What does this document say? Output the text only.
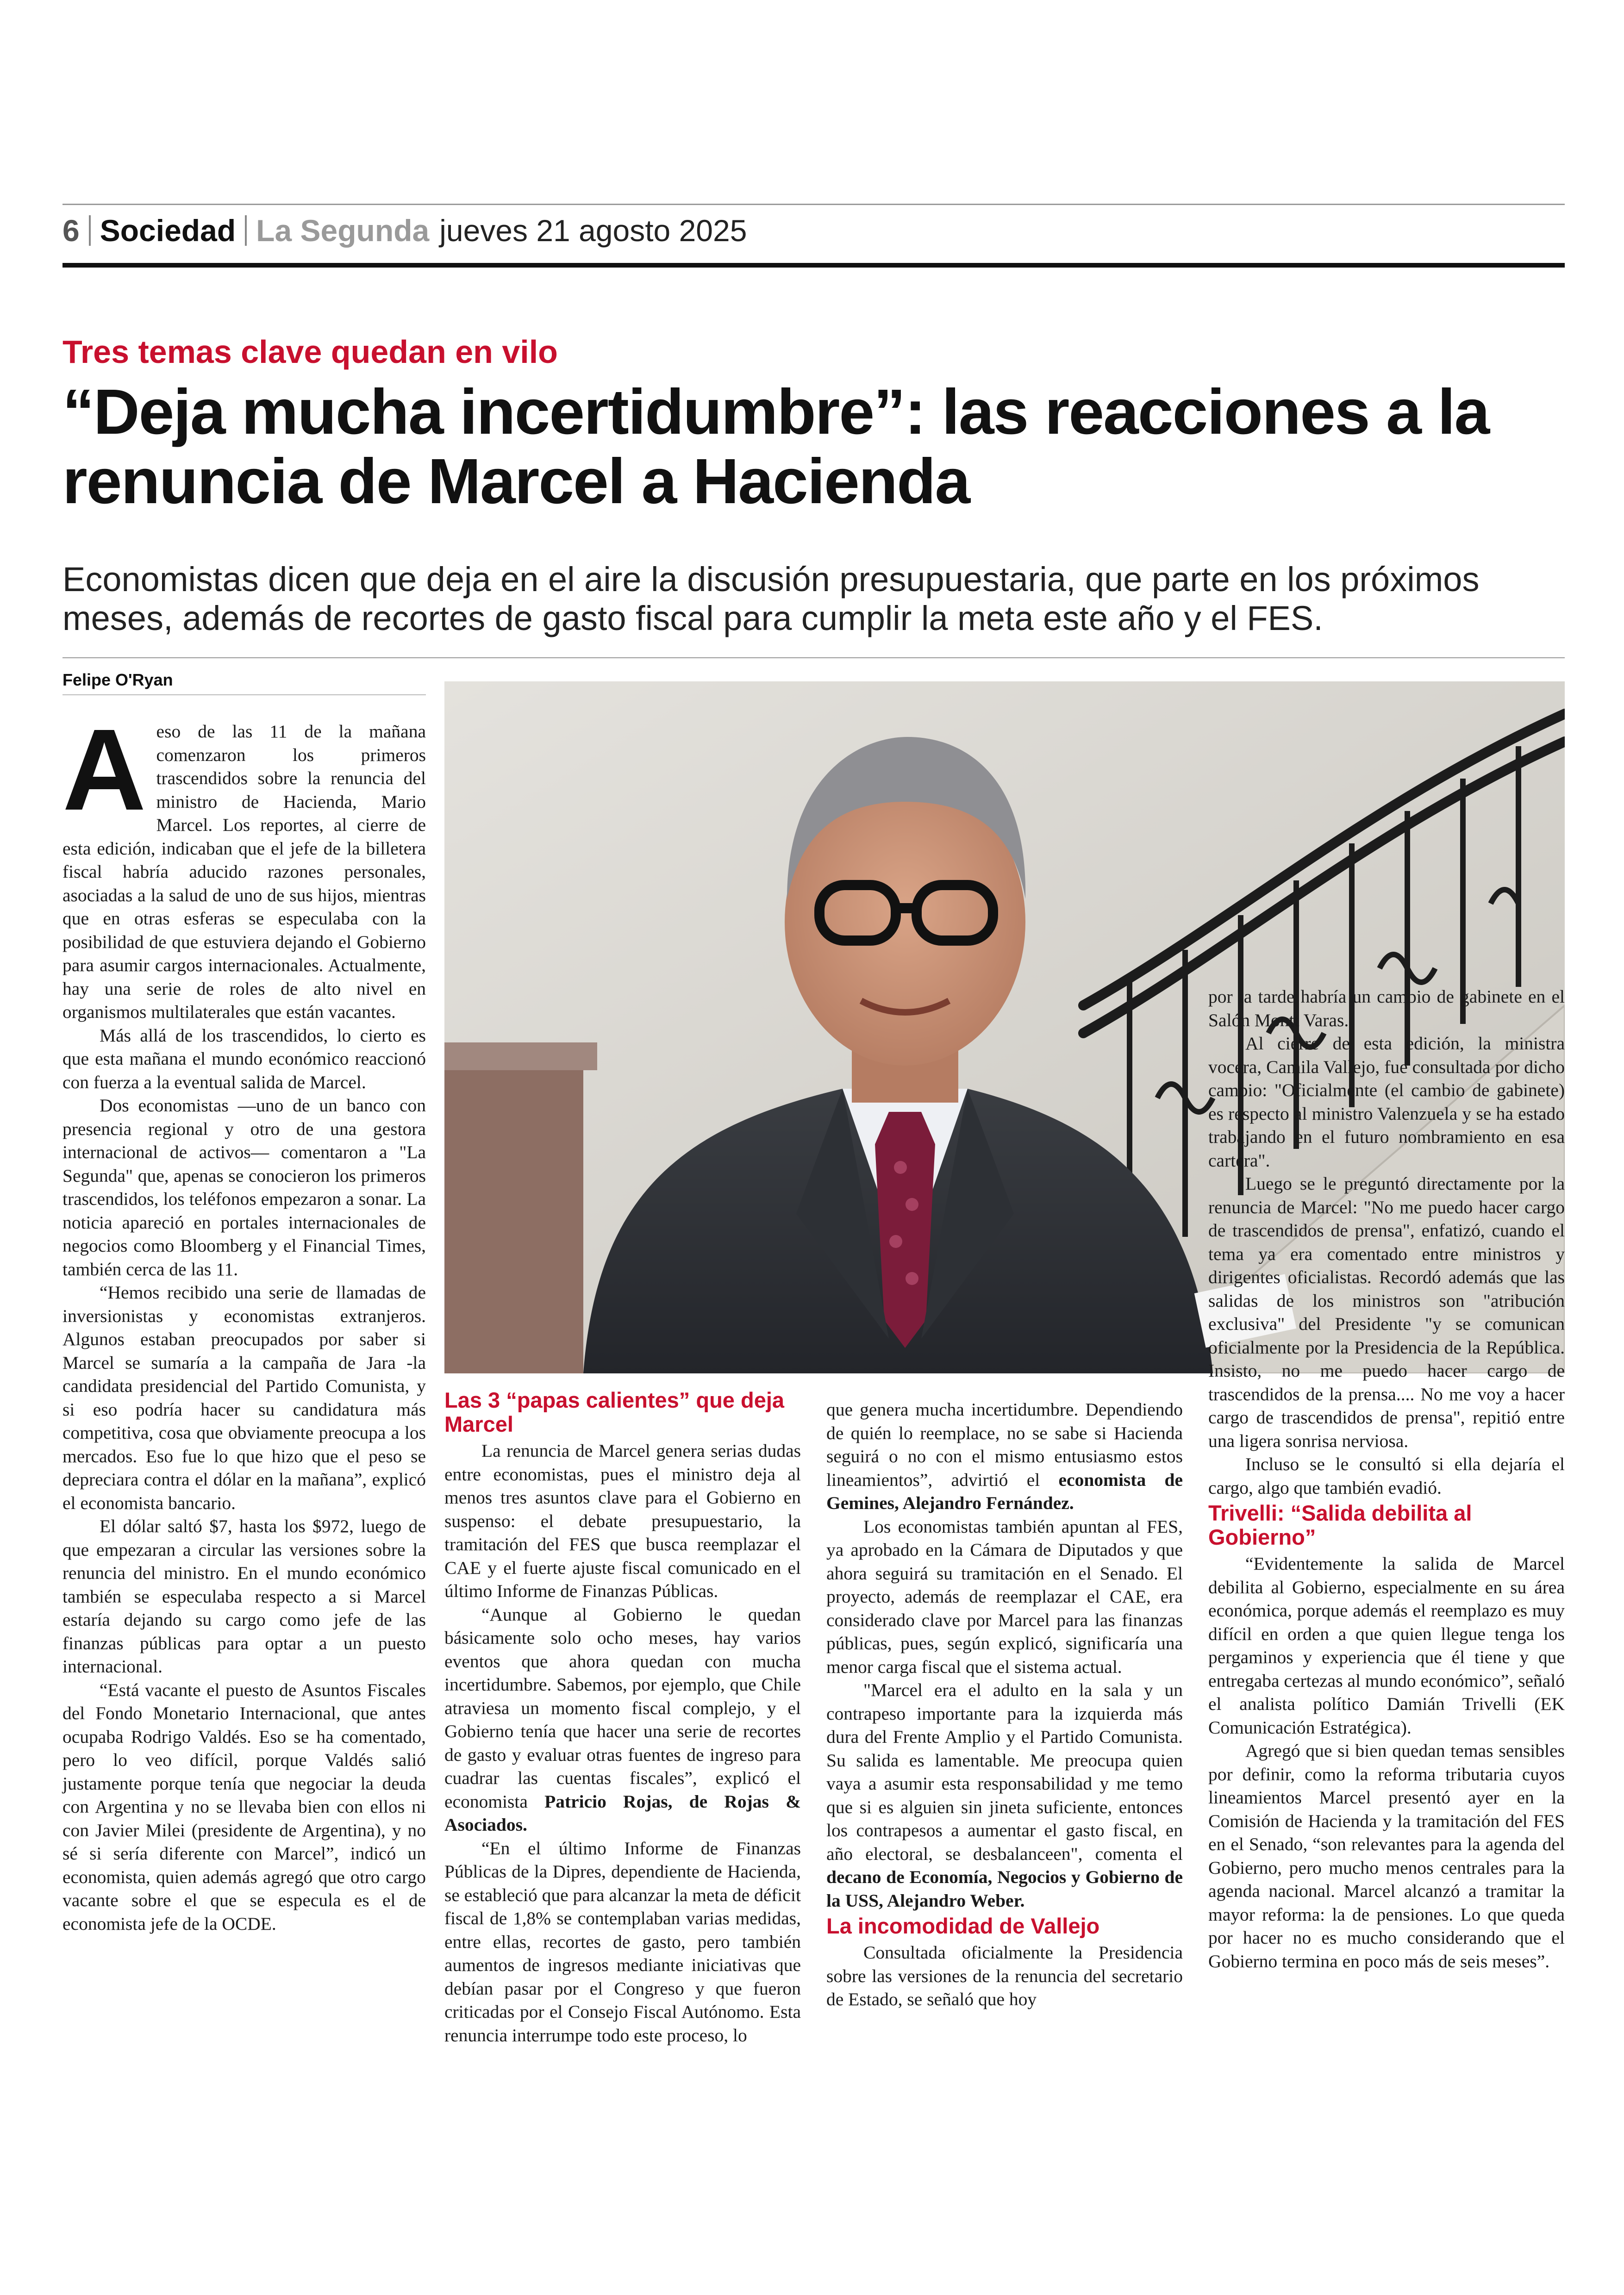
6 Sociedad La Segunda jueves 21 agosto 2025
Tres temas clave quedan en vilo
“Deja mucha incertidumbre”: las reacciones a la renuncia de Marcel a Hacienda

Economistas dicen que deja en el aire la discusión presupuestaria, que parte en los próximos meses, además de recortes de gasto fiscal para cumplir la meta este año y el FES.

Felipe O'Ryan

Aeso de las 11 de la mañana comenzaron los primeros trascendidos sobre la renuncia del ministro de Hacienda, Mario Marcel. Los reportes, al cierre de esta edición, indicaban que el jefe de la billetera fiscal habría aducido razones personales, asociadas a la salud de uno de sus hijos, mientras que en otras esferas se especulaba con la posibilidad de que estuviera dejando el Gobierno para asumir cargos internacionales. Actualmente, hay una serie de roles de alto nivel en organismos multilaterales que están vacantes.

Más allá de los trascendidos, lo cierto es que esta mañana el mundo económico reaccionó con fuerza a la eventual salida de Marcel.

Dos economistas —uno de un banco con presencia regional y otro de una gestora internacional de activos— comentaron a "La Segunda" que, apenas se conocieron los primeros trascendidos, los teléfonos empezaron a sonar. La noticia apareció en portales internacionales de negocios como Bloomberg y el Financial Times, también cerca de las 11.

“Hemos recibido una serie de llamadas de inversionistas y economistas extranjeros. Algunos estaban preocupados por saber si Marcel se sumaría a la campaña de Jara -la candidata presidencial del Partido Comunista, y si eso podría hacer su candidatura más competitiva, cosa que obviamente preocupa a los mercados. Eso fue lo que hizo que el peso se depreciara contra el dólar en la mañana”, explicó el economista bancario.

El dólar saltó $7, hasta los $972, luego de que empezaran a circular las versiones sobre la renuncia del ministro. En el mundo económico también se especulaba respecto a si Marcel estaría dejando su cargo como jefe de las finanzas públicas para optar a un puesto internacional.

“Está vacante el puesto de Asuntos Fiscales del Fondo Monetario Internacional, que antes ocupaba Rodrigo Valdés. Eso se ha comentado, pero lo veo difícil, porque Valdés salió justamente porque tenía que negociar la deuda con Argentina y no se llevaba bien con ellos ni con Javier Milei (presidente de Argentina), y no sé si sería diferente con Marcel”, indicó un economista, quien además agregó que otro cargo vacante sobre el que se especula es el de economista jefe de la OCDE.

Las 3 “papas calientes” que deja Marcel

La renuncia de Marcel genera serias dudas entre economistas, pues el ministro deja al menos tres asuntos clave para el Gobierno en suspenso: el debate presupuestario, la tramitación del FES que busca reemplazar el CAE y el fuerte ajuste fiscal comunicado en el último Informe de Finanzas Públicas.

“Aunque al Gobierno le quedan básicamente solo ocho meses, hay varios eventos que ahora quedan con mucha incertidumbre. Sabemos, por ejemplo, que Chile atraviesa un momento fiscal complejo, y el Gobierno tenía que hacer una serie de recortes de gasto y evaluar otras fuentes de ingreso para cuadrar las cuentas fiscales”, explicó el economista Patricio Rojas, de Rojas & Asociados.

“En el último Informe de Finanzas Públicas de la Dipres, dependiente de Hacienda, se estableció que para alcanzar la meta de déficit fiscal de 1,8% se contemplaban varias medidas, entre ellas, recortes de gasto, pero también aumentos de ingresos mediante iniciativas que debían pasar por el Congreso y que fueron criticadas por el Consejo Fiscal Autónomo. Esta renuncia interrumpe todo este proceso, lo

que genera mucha incertidumbre. Dependiendo de quién lo reemplace, no se sabe si Hacienda seguirá o no con el mismo entusiasmo estos lineamientos”, advirtió el economista de Gemines, Alejandro Fernández.

Los economistas también apuntan al FES, ya aprobado en la Cámara de Diputados y que ahora seguirá su tramitación en el Senado. El proyecto, además de reemplazar el CAE, era considerado clave por Marcel para las finanzas públicas, pues, según explicó, significaría una menor carga fiscal que el sistema actual.

"Marcel era el adulto en la sala y un contrapeso importante para la izquierda más dura del Frente Amplio y el Partido Comunista. Su salida es lamentable. Me preocupa quien vaya a asumir esta responsabilidad y me temo que si es alguien sin jineta suficiente, entonces los contrapesos a aumentar el gasto fiscal, en año electoral, se desbalanceen", comenta el decano de Economía, Negocios y Gobierno de la USS, Alejandro Weber.

La incomodidad de Vallejo

Consultada oficialmente la Presidencia sobre las versiones de la renuncia del secretario de Estado, se señaló que hoy

por la tarde habría un cambio de gabinete en el Salón Montt Varas.

Al cierre de esta edición, la ministra vocera, Camila Vallejo, fue consultada por dicho cambio: "Oficialmente (el cambio de gabinete) es respecto al ministro Valenzuela y se ha estado trabajando en el futuro nombramiento en esa cartera".

Luego se le preguntó directamente por la renuncia de Marcel: "No me puedo hacer cargo de trascendidos de prensa", enfatizó, cuando el tema ya era comentado entre ministros y dirigentes oficialistas. Recordó además que las salidas de los ministros son "atribución exclusiva" del Presidente "y se comunican oficialmente por la Presidencia de la República. Insisto, no me puedo hacer cargo de trascendidos de la prensa.... No me voy a hacer cargo de trascendidos de prensa", repitió entre una ligera sonrisa nerviosa.

Incluso se le consultó si ella dejaría el cargo, algo que también evadió.

Trivelli: “Salida debilita al Gobierno”

“Evidentemente la salida de Marcel debilita al Gobierno, especialmente en su área económica, porque además el reemplazo es muy difícil en orden a que quien llegue tenga los pergaminos y experiencia que él tiene y que entregaba certezas al mundo económico”, señaló el analista político Damián Trivelli (EK Comunicación Estratégica).

Agregó que si bien quedan temas sensibles por definir, como la reforma tributaria cuyos lineamientos Marcel presentó ayer en la Comisión de Hacienda y la tramitación del FES en el Senado, “son relevantes para la agenda del Gobierno, pero mucho menos centrales para la agenda nacional. Marcel alcanzó a tramitar la mayor reforma: la de pensiones. Lo que queda por hacer no es mucho considerando que el Gobierno termina en poco más de seis meses”.
